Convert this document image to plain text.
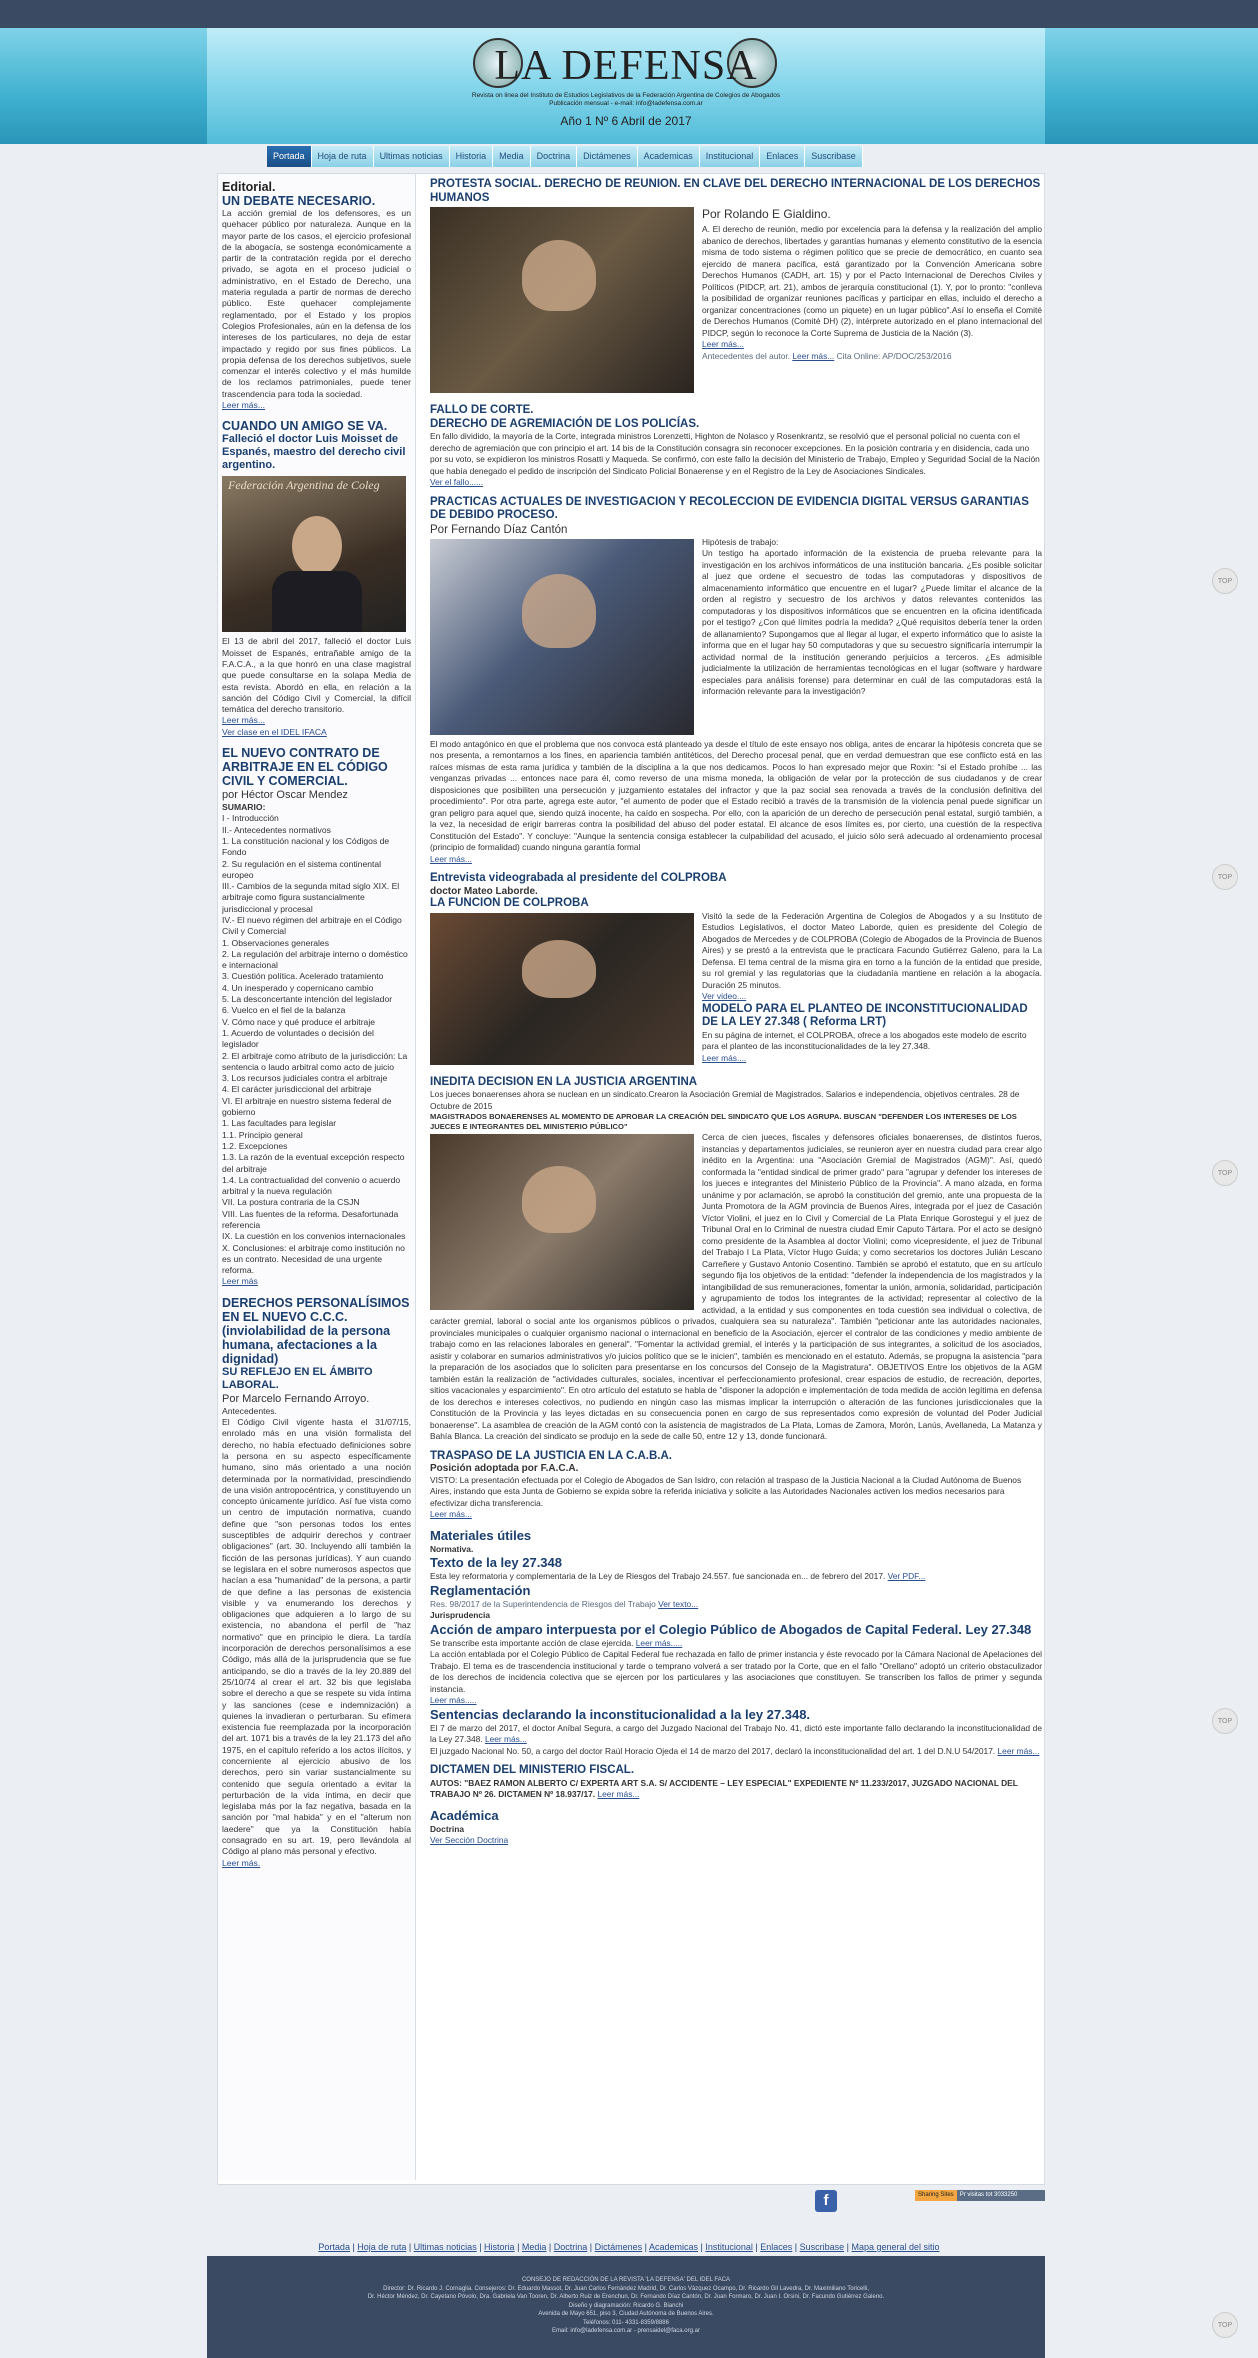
LA DEFENSA
Revista on linea del Instituto de Estudios Legislativos de la Federación Argentina de Colegios de Abogados
Publicación mensual - e-mail: info@ladefensa.com.ar
Año 1 Nº 6 Abril de 2017
Portada	Hoja de ruta	Ultimas noticias	Historia	Media	Doctrina	Dictámenes	Academicas	Institucional	Enlaces	Suscribase
Editorial.
UN DEBATE NECESARIO.

La acción gremial de los defensores, es un quehacer público por naturaleza. Aunque en la mayor parte de los casos, el ejercicio profesional de la abogacía, se sostenga económicamente a partir de la contratación regida por el derecho privado, se agota en el proceso judicial o administrativo, en el Estado de Derecho, una materia regulada a partir de normas de derecho público. Este quehacer complejamente reglamentado, por el Estado y los propios Colegios Profesionales, aún en la defensa de los intereses de los particulares, no deja de estar impactado y regido por sus fines públicos. La propia defensa de los derechos subjetivos, suele comenzar el interés colectivo y el más humilde de los reclamos patrimoniales, puede tener trascendencia para toda la sociedad.

Leer más...
CUANDO UN AMIGO SE VA.
Falleció el doctor Luis Moisset de Espanés, maestro del derecho civil argentino.
Federación Argentina de Coleg

El 13 de abril del 2017, falleció el doctor Luis Moisset de Espanés, entrañable amigo de la F.A.C.A., a la que honró en una clase magistral que puede consultarse en la solapa Media de esta revista. Abordó en ella, en relación a la sanción del Código Civil y Comercial, la difícil temática del derecho transitorio.

Leer más...
Ver clase en el IDEL IFACA
EL NUEVO CONTRATO DE ARBITRAJE EN EL CÓDIGO CIVIL Y COMERCIAL.
por Héctor Oscar Mendez
SUMARIO:
I - Introducción
II.- Antecedentes normativos
1. La constitución nacional y los Códigos de Fondo
2. Su regulación en el sistema continental europeo
III.- Cambios de la segunda mitad siglo XIX. El arbitraje como figura sustancialmente jurisdiccional y procesal
IV.- El nuevo régimen del arbitraje en el Código Civil y Comercial
1. Observaciones generales
2. La regulación del arbitraje interno o doméstico e internacional
3. Cuestión política. Acelerado tratamiento
4. Un inesperado y copernicano cambio
5. La desconcertante intención del legislador
6. Vuelco en el fiel de la balanza
V. Cómo nace y qué produce el arbitraje
1. Acuerdo de voluntades o decisión del legislador
2. El arbitraje como atributo de la jurisdicción: La sentencia o laudo arbitral como acto de juicio
3. Los recursos judiciales contra el arbitraje
4. El carácter jurisdiccional del arbitraje
VI. El arbitraje en nuestro sistema federal de gobierno
1. Las facultades para legislar
1.1. Principio general
1.2. Excepciones
1.3. La razón de la eventual excepción respecto del arbitraje
1.4. La contractualidad del convenio o acuerdo arbitral y la nueva regulación
VII. La postura contraria de la CSJN
VIII. Las fuentes de la reforma. Desafortunada referencia
IX. La cuestión en los convenios internacionales
X. Conclusiones: el arbitraje como institución no es un contrato. Necesidad de una urgente reforma.
Leer más
DERECHOS PERSONALÍSIMOS EN EL NUEVO C.C.C. (inviolabilidad de la persona humana, afectaciones a la dignidad)
SU REFLEJO EN EL ÁMBITO LABORAL.
Por Marcelo Fernando Arroyo.
Antecedentes.

El Código Civil vigente hasta el 31/07/15, enrolado más en una visión formalista del derecho, no había efectuado definiciones sobre la persona en su aspecto específicamente humano, sino más orientado a una noción determinada por la normatividad, prescindiendo de una visión antropocéntrica, y constituyendo un concepto únicamente jurídico. Así fue vista como un centro de imputación normativa, cuando define que "son personas todos los entes susceptibles de adquirir derechos y contraer obligaciones" (art. 30. Incluyendo allí también la ficción de las personas jurídicas). Y aun cuando se legislara en el sobre numerosos aspectos que hacían a esa "humanidad" de la persona, a partir de que define a las personas de existencia visible y va enumerando los derechos y obligaciones que adquieren a lo largo de su existencia, no abandona el perfil de "haz normativo" que en principio le diera. La tardía incorporación de derechos personalísimos a ese Código, más allá de la jurisprudencia que se fue anticipando, se dio a través de la ley 20.889 del 25/10/74 al crear el art. 32 bis que legislaba sobre el derecho a que se respete su vida íntima y las sanciones (cese e indemnización) a quienes la invadieran o perturbaran. Su efímera existencia fue reemplazada por la incorporación del art. 1071 bis a través de la ley 21.173 del año 1975, en el capítulo referido a los actos ilícitos, y concerniente al ejercicio abusivo de los derechos, pero sin variar sustancialmente su contenido que seguía orientado a evitar la perturbación de la vida íntima, en decir que legislaba más por la faz negativa, basada en la sanción por "mal habida" y en el "alterum non laedere" que ya la Constitución había consagrado en su art. 19, pero llevándola al Código al plano más personal y efectivo.

Leer más.
PROTESTA SOCIAL. DERECHO DE REUNIÓN. EN CLAVE DEL DERECHO INTERNACIONAL DE LOS DERECHOS HUMANOS
Por Rolando E Gialdino.

A. El derecho de reunión, medio por excelencia para la defensa y la realización del amplio abanico de derechos, libertades y garantías humanas y elemento constitutivo de la esencia misma de todo sistema o régimen político que se precie de democrático, en cuanto sea ejercido de manera pacífica, está garantizado por la Convención Americana sobre Derechos Humanos (CADH, art. 15) y por el Pacto Internacional de Derechos Civiles y Políticos (PIDCP, art. 21), ambos de jerarquía constitucional (1). Y, por lo pronto: "conlleva la posibilidad de organizar reuniones pacíficas y participar en ellas, incluido el derecho a organizar concentraciones (como un piquete) en un lugar público".Así lo enseña el Comité de Derechos Humanos (Comité DH) (2), intérprete autorizado en el plano internacional del PIDCP, según lo reconoce la Corte Suprema de Justicia de la Nación (3).

Leer más...
Antecedentes del autor. Leer más... Cita Online: AP/DOC/253/2016
FALLO DE CORTE.
DERECHO DE AGREMIACIÓN DE LOS POLICÍAS.

En fallo dividido, la mayoría de la Corte, integrada ministros Lorenzetti, Highton de Nolasco y Rosenkrantz, se resolvió que el personal policial no cuenta con el derecho de agremiación que con principio el art. 14 bis de la Constitución consagra sin reconocer excepciones. En la posición contraria y en disidencia, cada uno por su voto, se expidieron los ministros Rosatti y Maqueda. Se confirmó, con este fallo la decisión del Ministerio de Trabajo, Empleo y Seguridad Social de la Nación que había denegado el pedido de inscripción del Sindicato Policial Bonaerense y en el Registro de la Ley de Asociaciones Sindicales.

Ver el fallo......
PRÁCTICAS ACTUALES DE INVESTIGACIÓN Y RECOLECCIÓN DE EVIDENCIA DIGITAL VERSUS GARANTIAS DE DEBIDO PROCESO.
Por Fernando Díaz Cantón
Hipótesis de trabajo:

Un testigo ha aportado información de la existencia de prueba relevante para la investigación en los archivos informáticos de una institución bancaria. ¿Es posible solicitar al juez que ordene el secuestro de todas las computadoras y dispositivos de almacenamiento informático que encuentre en el lugar? ¿Puede limitar el alcance de la orden al registro y secuestro de los archivos y datos relevantes contenidos las computadoras y los dispositivos informáticos que se encuentren en la oficina identificada por el testigo? ¿Con qué límites podría la medida? ¿Qué requisitos debería tener la orden de allanamiento? Supongamos que al llegar al lugar, el experto informático que lo asiste la informa que en el lugar hay 50 computadoras y que su secuestro significaría interrumpir la actividad normal de la institución generando perjuicios a terceros. ¿Es admisible judicialmente la utilización de herramientas tecnológicas en el lugar (software y hardware especiales para análisis forense) para determinar en cuál de las computadoras está la información relevante para la investigación?

El modo antagónico en que el problema que nos convoca está planteado ya desde el título de este ensayo nos obliga, antes de encarar la hipótesis concreta que se nos presenta, a remontarnos a los fines, en apariencia también antitéticos, del Derecho procesal penal, que en verdad demuestran que ese conflicto está en las raíces mismas de esta rama jurídica y también de la disciplina a la que nos dedicamos. Pocos lo han expresado mejor que Roxin: "si el Estado prohíbe ... las venganzas privadas ... entonces nace para él, como reverso de una misma moneda, la obligación de velar por la protección de sus ciudadanos y de crear disposiciones que posibiliten una persecución y juzgamiento estatales del infractor y que la paz social sea renovada a través de la conclusión definitiva del procedimiento". Por otra parte, agrega este autor, "el aumento de poder que el Estado recibió a través de la transmisión de la violencia penal puede significar un gran peligro para aquel que, siendo quizá inocente, ha caído en sospecha. Por ello, con la aparición de un derecho de persecución penal estatal, surgió también, a la vez, la necesidad de erigir barreras contra la posibilidad del abuso del poder estatal. El alcance de esos límites es, por cierto, una cuestión de la respectiva Constitución del Estado". Y concluye: "Aunque la sentencia consiga establecer la culpabilidad del acusado, el juicio sólo será adecuado al ordenamiento procesal (principio de formalidad) cuando ninguna garantía formal

Leer más...
Entrevista videograbada al presidente del COLPROBA
doctor Mateo Laborde.
LA FUNCION DE COLPROBA

Visitó la sede de la Federación Argentina de Colegios de Abogados y a su Instituto de Estudios Legislativos, el doctor Mateo Laborde, quien es presidente del Colegio de Abogados de Mercedes y de COLPROBA (Colegio de Abogados de la Provincia de Buenos Aires) y se prestó a la entrevista que le practicara Facundo Gutiérrez Galeno, para la La Defensa. El tema central de la misma gira en torno a la función de la entidad que preside, su rol gremial y las regulatorias que la ciudadanía mantiene en relación a la abogacía. Duración 25 minutos.

Ver video....
MODELO PARA EL PLANTEO DE INCONSTITUCIONALIDAD DE LA LEY 27.348 ( Reforma LRT)

En su página de internet, el COLPROBA, ofrece a los abogados este modelo de escrito para el planteo de las inconstitucionalidades de la ley 27.348.

Leer más....
INEDITA DECISION EN LA JUSTICIA ARGENTINA

Los jueces bonaerenses ahora se nuclean en un sindicato.Crearon la Asociación Gremial de Magistrados. Salarios e independencia, objetivos centrales. 28 de Octubre de 2015

MAGISTRADOS BONAERENSES AL MOMENTO DE APROBAR LA CREACIÓN DEL SINDICATO QUE LOS AGRUPA. BUSCAN "DEFENDER LOS INTERESES DE LOS JUECES E INTEGRANTES DEL MINISTERIO PÚBLICO"

Cerca de cien jueces, fiscales y defensores oficiales bonaerenses, de distintos fueros, instancias y departamentos judiciales, se reunieron ayer en nuestra ciudad para crear algo inédito en la Argentina: una "Asociación Gremial de Magistrados (AGM)". Así, quedó conformada la "entidad sindical de primer grado" para "agrupar y defender los intereses de los jueces e integrantes del Ministerio Público de la Provincia". A mano alzada, en forma unánime y por aclamación, se aprobó la constitución del gremio, ante una propuesta de la Junta Promotora de la AGM provincia de Buenos Aires, integrada por el juez de Casación Víctor Violini, el juez en lo Civil y Comercial de La Plata Enrique Gorostegui y el juez de Tribunal Oral en lo Criminal de nuestra ciudad Emir Caputo Tártara. Por el acto se designó como presidente de la Asamblea al doctor Violini; como vicepresidente, el juez de Tribunal del Trabajo I La Plata, Víctor Hugo Guida; y como secretarios los doctores Julián Lescano Carreñere y Gustavo Antonio Cosentino. También se aprobó el estatuto, que en su artículo segundo fija los objetivos de la entidad: "defender la independencia de los magistrados y la intangibilidad de sus remuneraciones, fomentar la unión, armonía, solidaridad, participación y agrupamiento de todos los integrantes de la actividad; representar al colectivo de la actividad, a la entidad y sus componentes en toda cuestión sea individual o colectiva, de carácter gremial, laboral o social ante los organismos públicos o privados, cualquiera sea su naturaleza". También "peticionar ante las autoridades nacionales, provinciales municipales o cualquier organismo nacional o internacional en beneficio de la Asociación, ejercer el contralor de las condiciones y medio ambiente de trabajo como en las relaciones laborales en general". "Fomentar la actividad gremial, el interés y la participación de sus integrantes, a solicitud de los asociados, asistir y colaborar en sumarios administrativos y/o juicios político que se le inicien", también es mencionado en el estatuto. Además, se propugna la asistencia "para la preparación de los asociados que lo soliciten para presentarse en los concursos del Consejo de la Magistratura". OBJETIVOS Entre los objetivos de la AGM también están la realización de "actividades culturales, sociales, incentivar el perfeccionamiento profesional, crear espacios de estudio, de recreación, deportes, sitios vacacionales y esparcimiento". En otro artículo del estatuto se habla de "disponer la adopción e implementación de toda medida de acción legítima en defensa de los derechos e intereses colectivos, no pudiendo en ningún caso las mismas implicar la interrupción o alteración de las funciones jurisdiccionales que la Constitución de la Provincia y las leyes dictadas en su consecuencia ponen en cargo de sus representados como expresión de voluntad del Poder Judicial bonaerense". La asamblea de creación de la AGM contó con la asistencia de magistrados de La Plata, Lomas de Zamora, Morón, Lanús, Avellaneda, La Matanza y Bahía Blanca. La creación del sindicato se produjo en la sede de calle 50, entre 12 y 13, donde funcionará.

TRASPASO DE LA JUSTICIA EN LA C.A.B.A.
Posición adoptada por F.A.C.A.

VISTO: La presentación efectuada por el Colegio de Abogados de San Isidro, con relación al traspaso de la Justicia Nacional a la Ciudad Autónoma de Buenos Aires, instando que esta Junta de Gobierno se expida sobre la referida iniciativa y solicite a las Autoridades Nacionales activen los medios necesarios para efectivizar dicha transferencia.

Leer más...
Materiales útiles
Normativa.
Texto de la ley 27.348
Esta ley reformatoria y complementaria de la Ley de Riesgos del Trabajo 24.557. fue sancionada en... de febrero del 2017. Ver PDF...
Reglamentación
Res. 98/2017 de la Superintendencia de Riesgos del Trabajo Ver texto...
Jurisprudencia
Acción de amparo interpuesta por el Colegio Público de Abogados de Capital Federal. Ley 27.348
Se transcribe esta importante acción de clase ejercida. Leer más.....

La acción entablada por el Colegio Público de Capital Federal fue rechazada en fallo de primer instancia y éste revocado por la Cámara Nacional de Apelaciones del Trabajo. El tema es de trascendencia institucional y tarde o temprano volverá a ser tratado por la Corte, que en el fallo "Orellano" adoptó un criterio obstaculizador de los derechos de incidencia colectiva que se ejercen por los particulares y las asociaciones que constituyen. Se transcriben los fallos de primer y segunda instancia.

Leer más.....
Sentencias declarando la inconstitucionalidad a la ley 27.348.

El 7 de marzo del 2017, el doctor Aníbal Segura, a cargo del Juzgado Nacional del Trabajo No. 41, dictó este importante fallo declarando la inconstitucionalidad de la Ley 27.348. Leer más...

El juzgado Nacional No. 50, a cargo del doctor Raúl Horacio Ojeda el 14 de marzo del 2017, declaró la inconstitucionalidad del art. 1 del D.N.U 54/2017. Leer más...

DICTAMEN DEL MINISTERIO FISCAL.

AUTOS: "BAEZ RAMON ALBERTO C/ EXPERTA ART S.A. S/ ACCIDENTE – LEY ESPECIAL" EXPEDIENTE Nº 11.233/2017, JUZGADO NACIONAL DEL TRABAJO Nº 26. DICTAMEN Nº 18.937/17. Leer más...

Académica
Doctrina
Ver Sección Doctrina
TOP
TOP
TOP
TOP
TOP
f	Sharing Sites	Pr visitas tot 3033250
Portada | Hoja de ruta | Ultimas noticias | Historia | Media | Doctrina | Dictámenes | Academicas | Institucional | Enlaces | Suscribase | Mapa general del sitio
CONSEJO DE REDACCIÓN DE LA REVISTA 'LA DEFENSA' DEL IDEL FACA
Director: Dr. Ricardo J. Cornaglia. Consejeros: Dr. Eduardo Massot, Dr. Juan Carlos Fernández Madrid, Dr. Carlos Vázquez Ocampo, Dr. Ricardo Gil Lavedra, Dr. Maximiliano Toricelli,
Dr. Héctor Méndez, Dr. Cayetano Póvolo, Dra. Gabriela Van Tooren, Dr. Alberto Ruiz de Erenchun, Dr. Fernando Díaz Cantón, Dr. Juan Formaro, Dr. Juan I. Orsini, Dr. Facundo Gutiérrez Galeno.
Diseño y diagramación: Ricardo G. Bianchi
Avenida de Mayo 651, piso 3, Ciudad Autónoma de Buenos Aires.
Teléfonos: 011- 4331-8359/8886
Email: info@ladefensa.com.ar - prensaidel@faca.org.ar
